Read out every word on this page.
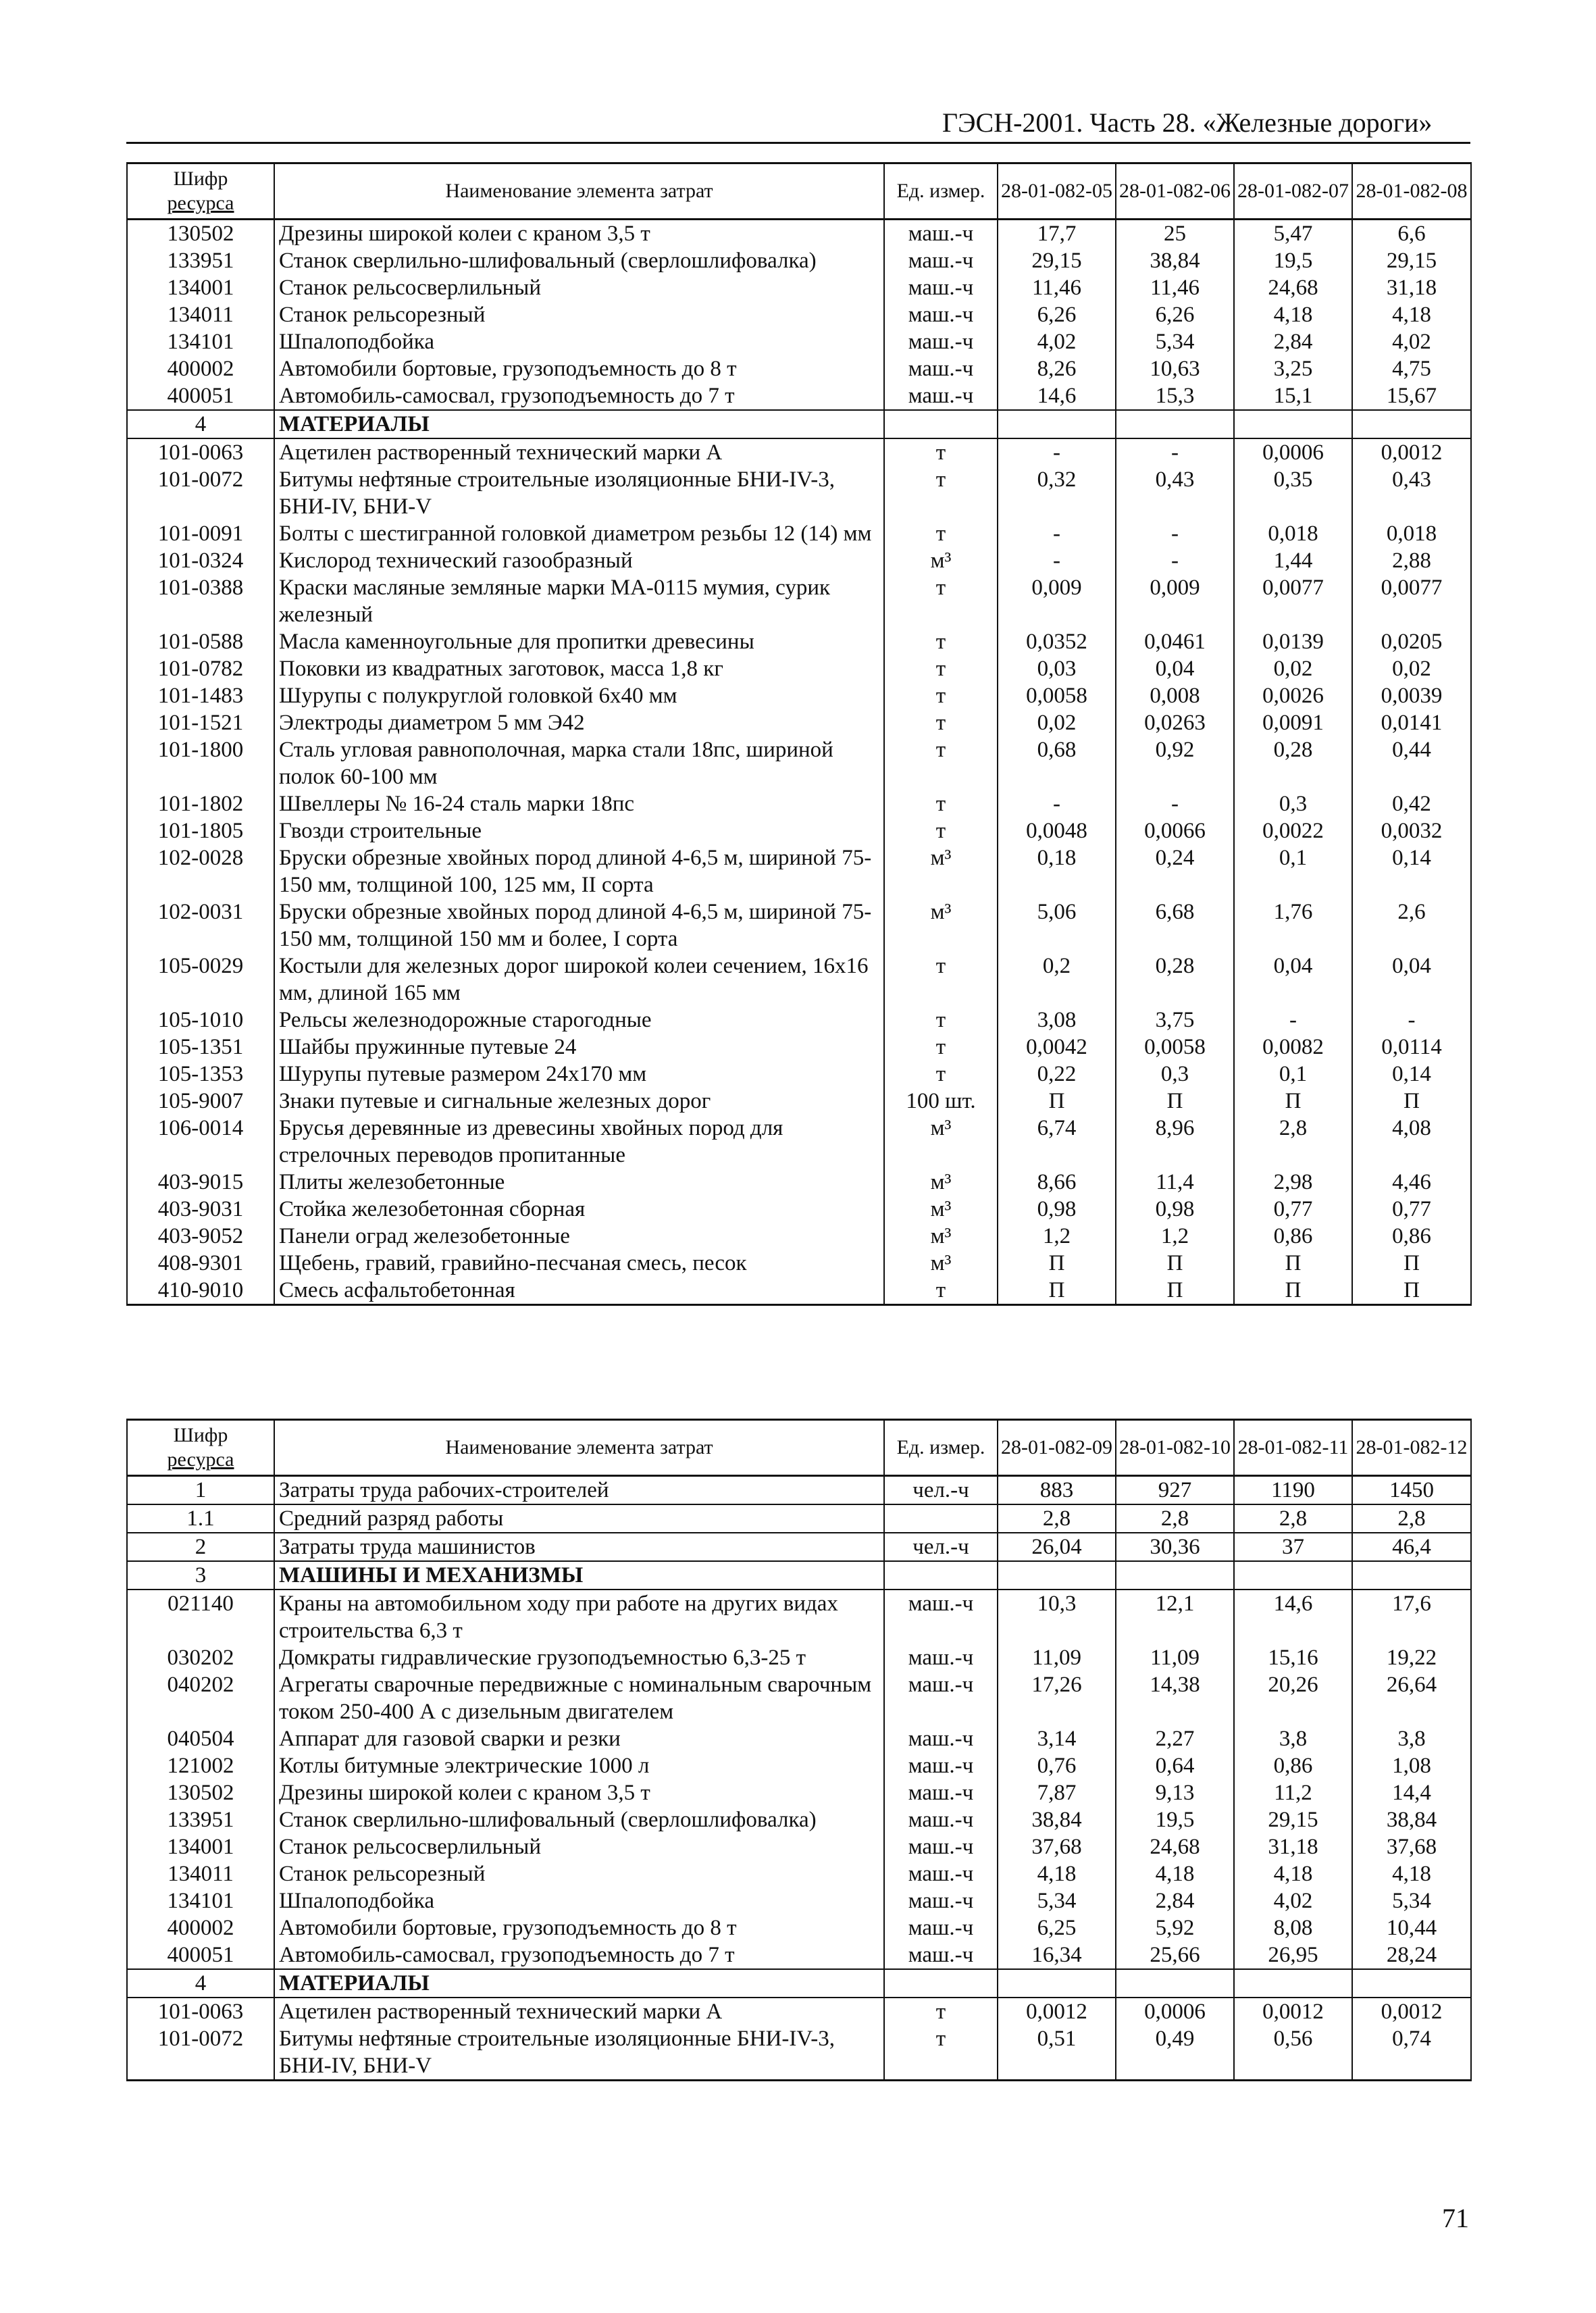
ГЭСН-2001. Часть 28. «Железные дороги»
Шифр
ресурса	Наименование элемента затрат	Ед. измер.	28-01-082-05	28-01-082-06	28-01-082-07	28-01-082-08
130502	Дрезины широкой колеи с краном 3,5 т	маш.-ч	17,7	25	5,47	6,6
133951	Станок сверлильно-шлифовальный (сверлошлифовалка)	маш.-ч	29,15	38,84	19,5	29,15
134001	Станок рельсосверлильный	маш.-ч	11,46	11,46	24,68	31,18
134011	Станок рельсорезный	маш.-ч	6,26	6,26	4,18	4,18
134101	Шпалоподбойка	маш.-ч	4,02	5,34	2,84	4,02
400002	Автомобили бортовые, грузоподъемность до 8 т	маш.-ч	8,26	10,63	3,25	4,75
400051	Автомобиль-самосвал, грузоподъемность до 7 т	маш.-ч	14,6	15,3	15,1	15,67
4	МАТЕРИАЛЫ					
101-0063	Ацетилен растворенный технический марки А	т	-	-	0,0006	0,0012
101-0072	Битумы нефтяные строительные изоляционные БНИ-IV-3, БНИ-IV, БНИ-V	т	0,32	0,43	0,35	0,43
101-0091	Болты с шестигранной головкой диаметром резьбы 12 (14) мм	т	-	-	0,018	0,018
101-0324	Кислород технический газообразный	м³	-	-	1,44	2,88
101-0388	Краски масляные земляные марки МА-0115 мумия, сурик железный	т	0,009	0,009	0,0077	0,0077
101-0588	Масла каменноугольные для пропитки древесины	т	0,0352	0,0461	0,0139	0,0205
101-0782	Поковки из квадратных заготовок, масса 1,8 кг	т	0,03	0,04	0,02	0,02
101-1483	Шурупы с полукруглой головкой 6х40 мм	т	0,0058	0,008	0,0026	0,0039
101-1521	Электроды диаметром 5 мм Э42	т	0,02	0,0263	0,0091	0,0141
101-1800	Сталь угловая равнополочная, марка стали 18пс, шириной полок 60-100 мм	т	0,68	0,92	0,28	0,44
101-1802	Швеллеры № 16-24 сталь марки 18пс	т	-	-	0,3	0,42
101-1805	Гвозди строительные	т	0,0048	0,0066	0,0022	0,0032
102-0028	Бруски обрезные хвойных пород длиной 4-6,5 м, шириной 75-150 мм, толщиной 100, 125 мм, II сорта	м³	0,18	0,24	0,1	0,14
102-0031	Бруски обрезные хвойных пород длиной 4-6,5 м, шириной 75-150 мм, толщиной 150 мм и более, I сорта	м³	5,06	6,68	1,76	2,6
105-0029	Костыли для железных дорог широкой колеи сечением, 16х16 мм, длиной 165 мм	т	0,2	0,28	0,04	0,04
105-1010	Рельсы железнодорожные старогодные	т	3,08	3,75	-	-
105-1351	Шайбы пружинные путевые 24	т	0,0042	0,0058	0,0082	0,0114
105-1353	Шурупы путевые размером 24х170 мм	т	0,22	0,3	0,1	0,14
105-9007	Знаки путевые и сигнальные железных дорог	100 шт.	П	П	П	П
106-0014	Брусья деревянные из древесины хвойных пород для стрелочных переводов пропитанные	м³	6,74	8,96	2,8	4,08
403-9015	Плиты железобетонные	м³	8,66	11,4	2,98	4,46
403-9031	Стойка железобетонная сборная	м³	0,98	0,98	0,77	0,77
403-9052	Панели оград железобетонные	м³	1,2	1,2	0,86	0,86
408-9301	Щебень, гравий, гравийно-песчаная смесь, песок	м³	П	П	П	П
410-9010	Смесь асфальтобетонная	т	П	П	П	П
Шифр
ресурса	Наименование элемента затрат	Ед. измер.	28-01-082-09	28-01-082-10	28-01-082-11	28-01-082-12
1	Затраты труда рабочих-строителей	чел.-ч	883	927	1190	1450
1.1	Средний разряд работы		2,8	2,8	2,8	2,8
2	Затраты труда машинистов	чел.-ч	26,04	30,36	37	46,4
3	МАШИНЫ И МЕХАНИЗМЫ					
021140	Краны на автомобильном ходу при работе на других видах строительства 6,3 т	маш.-ч	10,3	12,1	14,6	17,6
030202	Домкраты гидравлические грузоподъемностью 6,3-25 т	маш.-ч	11,09	11,09	15,16	19,22
040202	Агрегаты сварочные передвижные с номинальным сварочным током 250-400 А с дизельным двигателем	маш.-ч	17,26	14,38	20,26	26,64
040504	Аппарат для газовой сварки и резки	маш.-ч	3,14	2,27	3,8	3,8
121002	Котлы битумные электрические 1000 л	маш.-ч	0,76	0,64	0,86	1,08
130502	Дрезины широкой колеи с краном 3,5 т	маш.-ч	7,87	9,13	11,2	14,4
133951	Станок сверлильно-шлифовальный (сверлошлифовалка)	маш.-ч	38,84	19,5	29,15	38,84
134001	Станок рельсосверлильный	маш.-ч	37,68	24,68	31,18	37,68
134011	Станок рельсорезный	маш.-ч	4,18	4,18	4,18	4,18
134101	Шпалоподбойка	маш.-ч	5,34	2,84	4,02	5,34
400002	Автомобили бортовые, грузоподъемность до 8 т	маш.-ч	6,25	5,92	8,08	10,44
400051	Автомобиль-самосвал, грузоподъемность до 7 т	маш.-ч	16,34	25,66	26,95	28,24
4	МАТЕРИАЛЫ					
101-0063	Ацетилен растворенный технический марки А	т	0,0012	0,0006	0,0012	0,0012
101-0072	Битумы нефтяные строительные изоляционные БНИ-IV-3, БНИ-IV, БНИ-V	т	0,51	0,49	0,56	0,74
71
